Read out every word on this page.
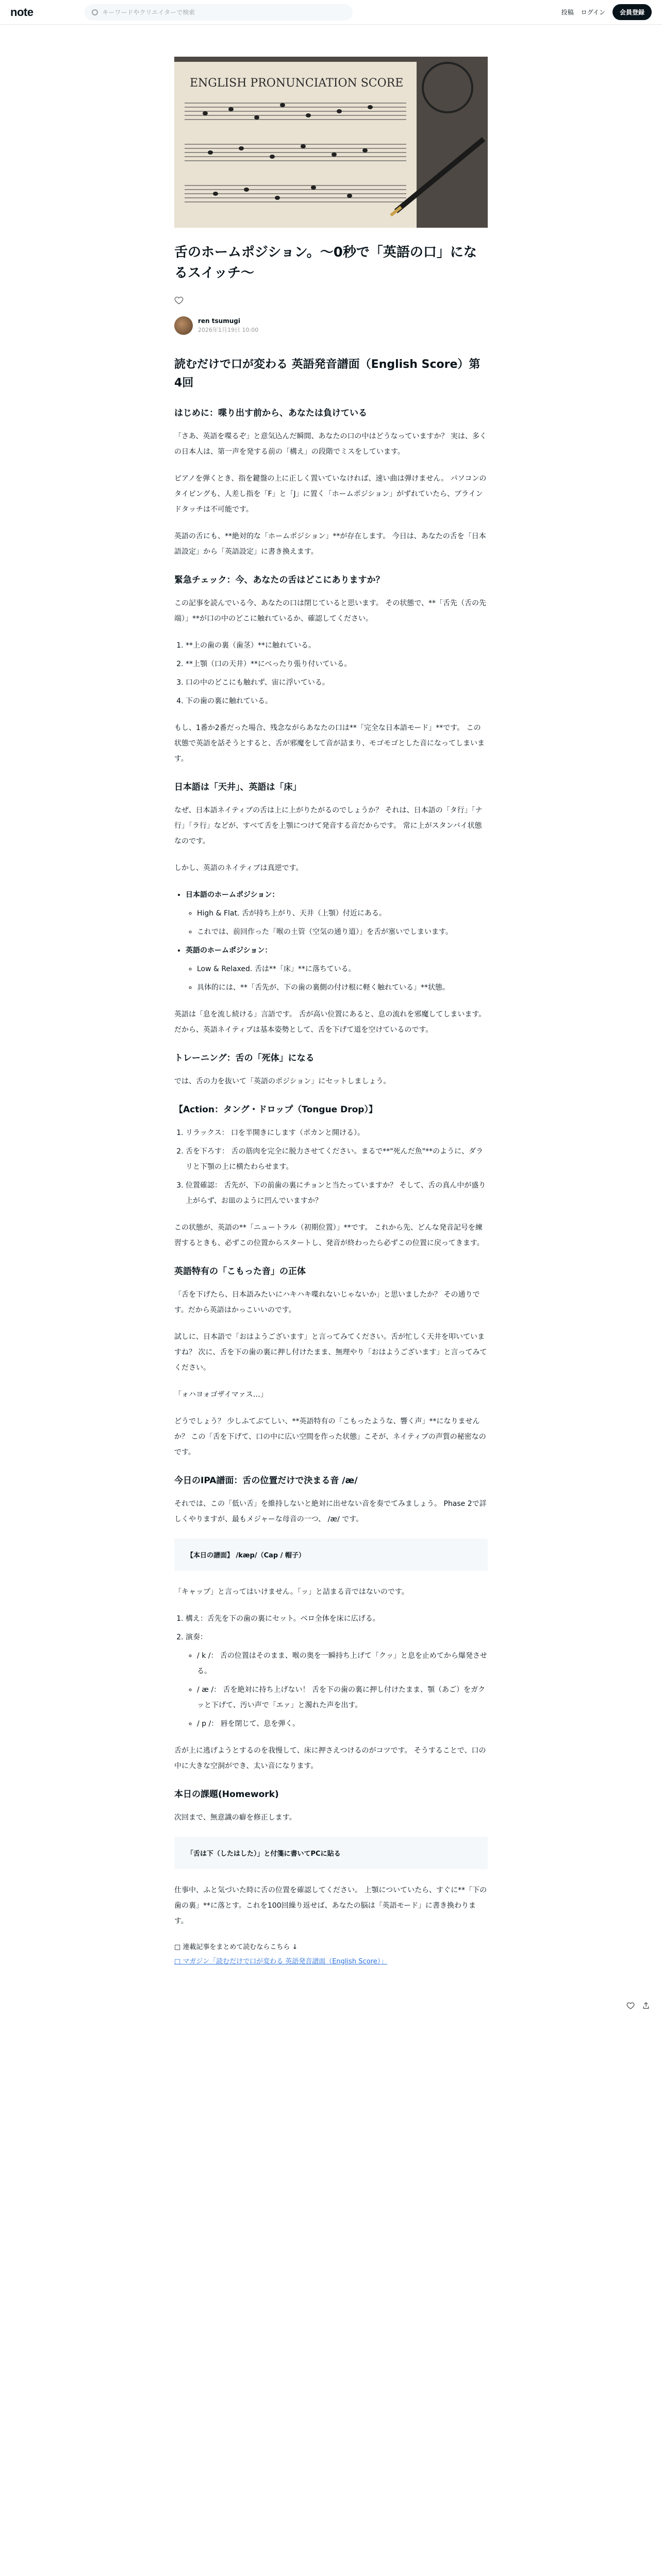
note	キーワードやクリエイターで検索	投稿 ログイン	会員登録
ENGLISH PRONUNCIATION SCORE
舌のホームポジション。〜0秒で「英語の口」になるスイッチ〜
ren tsumugi
2026年1月19日 10:00
読むだけで口が変わる 英語発音譜面（English Score）第4回
はじめに：喋り出す前から、あなたは負けている

「さあ、英語を喋るぞ」と意気込んだ瞬間、あなたの口の中はどうなっていますか？ 実は、多くの日本人は、第一声を発する前の「構え」の段階でミスをしています。

ピアノを弾くとき、指を鍵盤の上に正しく置いていなければ、速い曲は弾けません。 パソコンのタイピングも、人差し指を「F」と「J」に置く「ホームポジション」がずれていたら、ブラインドタッチは不可能です。

英語の舌にも、**絶対的な「ホームポジション」**が存在します。 今日は、あなたの舌を「日本語設定」から「英語設定」に書き換えます。

緊急チェック：今、あなたの舌はどこにありますか？

この記事を読んでいる今、あなたの口は閉じていると思います。 その状態で、**「舌先（舌の先端）」**が口の中のどこに触れているか、確認してください。

1. **上の歯の裏（歯茎）**に触れている。
2. **上顎（口の天井）**にべったり張り付いている。
3. 口の中のどこにも触れず、宙に浮いている。
4. 下の歯の裏に触れている。

もし、1番か2番だった場合、残念ながらあなたの口は**「完全な日本語モード」**です。 この状態で英語を話そうとすると、舌が邪魔をして音が詰まり、モゴモゴとした音になってしまいます。

日本語は「天井」、英語は「床」

なぜ、日本語ネイティブの舌は上に上がりたがるのでしょうか？ それは、日本語の「タ行」「ナ行」「ラ行」などが、すべて舌を上顎につけて発音する音だからです。 常に上がスタンバイ状態なのです。

しかし、英語のネイティブは真逆です。

• 日本語のホームポジション：
◦ High & Flat. 舌が持ち上がり、天井（上顎）付近にある。
◦ これでは、前回作った「喉の土管（空気の通り道）」を舌が塞いでしまいます。
• 英語のホームポジション：
◦ Low & Relaxed. 舌は**「床」**に落ちている。
◦ 具体的には、**「舌先が、下の歯の裏側の付け根に軽く触れている」**状態。

英語は「息を流し続ける」言語です。 舌が高い位置にあると、息の流れを邪魔してしまいます。 だから、英語ネイティブは基本姿勢として、舌を下げて道を空けているのです。

トレーニング：舌の「死体」になる

では、舌の力を抜いて「英語のポジション」にセットしましょう。

【Action：タング・ドロップ（Tongue Drop）】
1. リラックス： 口を半開きにします（ポカンと開ける）。
2. 舌を下ろす： 舌の筋肉を完全に脱力させてください。まるで**"死んだ魚"**のように、ダラリと下顎の上に横たわらせます。
3. 位置確認： 舌先が、下の前歯の裏にチョンと当たっていますか？ そして、舌の真ん中が盛り上がらず、お皿のように凹んでいますか？

この状態が、英語の**「ニュートラル（初期位置）」**です。 これから先、どんな発音記号を練習するときも、必ずこの位置からスタートし、発音が終わったら必ずこの位置に戻ってきます。

英語特有の「こもった音」の正体

「舌を下げたら、日本語みたいにハキハキ喋れないじゃないか」と思いましたか？ その通りです。だから英語はかっこいいのです。

試しに、日本語で「おはようございます」と言ってみてください。舌が忙しく天井を叩いていますね？ 次に、舌を下の歯の裏に押し付けたまま、無理やり「おはようございます」と言ってみてください。

「ォハヨォゴザイマァス…」

どうでしょう？ 少しふてぶてしい、**英語特有の「こもったような、響く声」**になりませんか？ この「舌を下げて、口の中に広い空間を作った状態」こそが、ネイティブの声質の秘密なのです。

今日のIPA譜面：舌の位置だけで決まる音 /æ/

それでは、この「低い舌」を維持しないと絶対に出せない音を奏でてみましょう。 Phase 2で詳しくやりますが、最もメジャーな母音の一つ、 /æ/ です。

【本日の譜面】 /kæp/（Cap / 帽子）

「キャップ」と言ってはいけません。「ッ」と詰まる音ではないのです。

1. 構え：舌先を下の歯の裏にセット。ベロ全体を床に広げる。
2. 演奏：
◦ / k /： 舌の位置はそのまま、喉の奥を一瞬持ち上げて「クッ」と息を止めてから爆発させる。
◦ / æ /： 舌を絶対に持ち上げない！ 舌を下の歯の裏に押し付けたまま、顎（あご）をガクッと下げて、汚い声で「エァ」と濁れた声を出す。
◦ / p /： 唇を閉じて、息を弾く。

舌が上に逃げようとするのを我慢して、床に押さえつけるのがコツです。 そうすることで、口の中に大きな空洞ができ、太い音になります。

本日の課題(Homework)

次回まで、無意識の癖を修正します。

「舌は下（したはした）」と付箋に書いてPCに貼る

仕事中、ふと気づいた時に舌の位置を確認してください。 上顎についていたら、すぐに**「下の歯の裏」**に落とす。これを100回繰り返せば、あなたの脳は「英語モード」に書き換わります。

□ 連載記事をまとめて読むならこちら ↓
□ マガジン「読むだけで口が変わる 英語発音譜面（English Score）」
